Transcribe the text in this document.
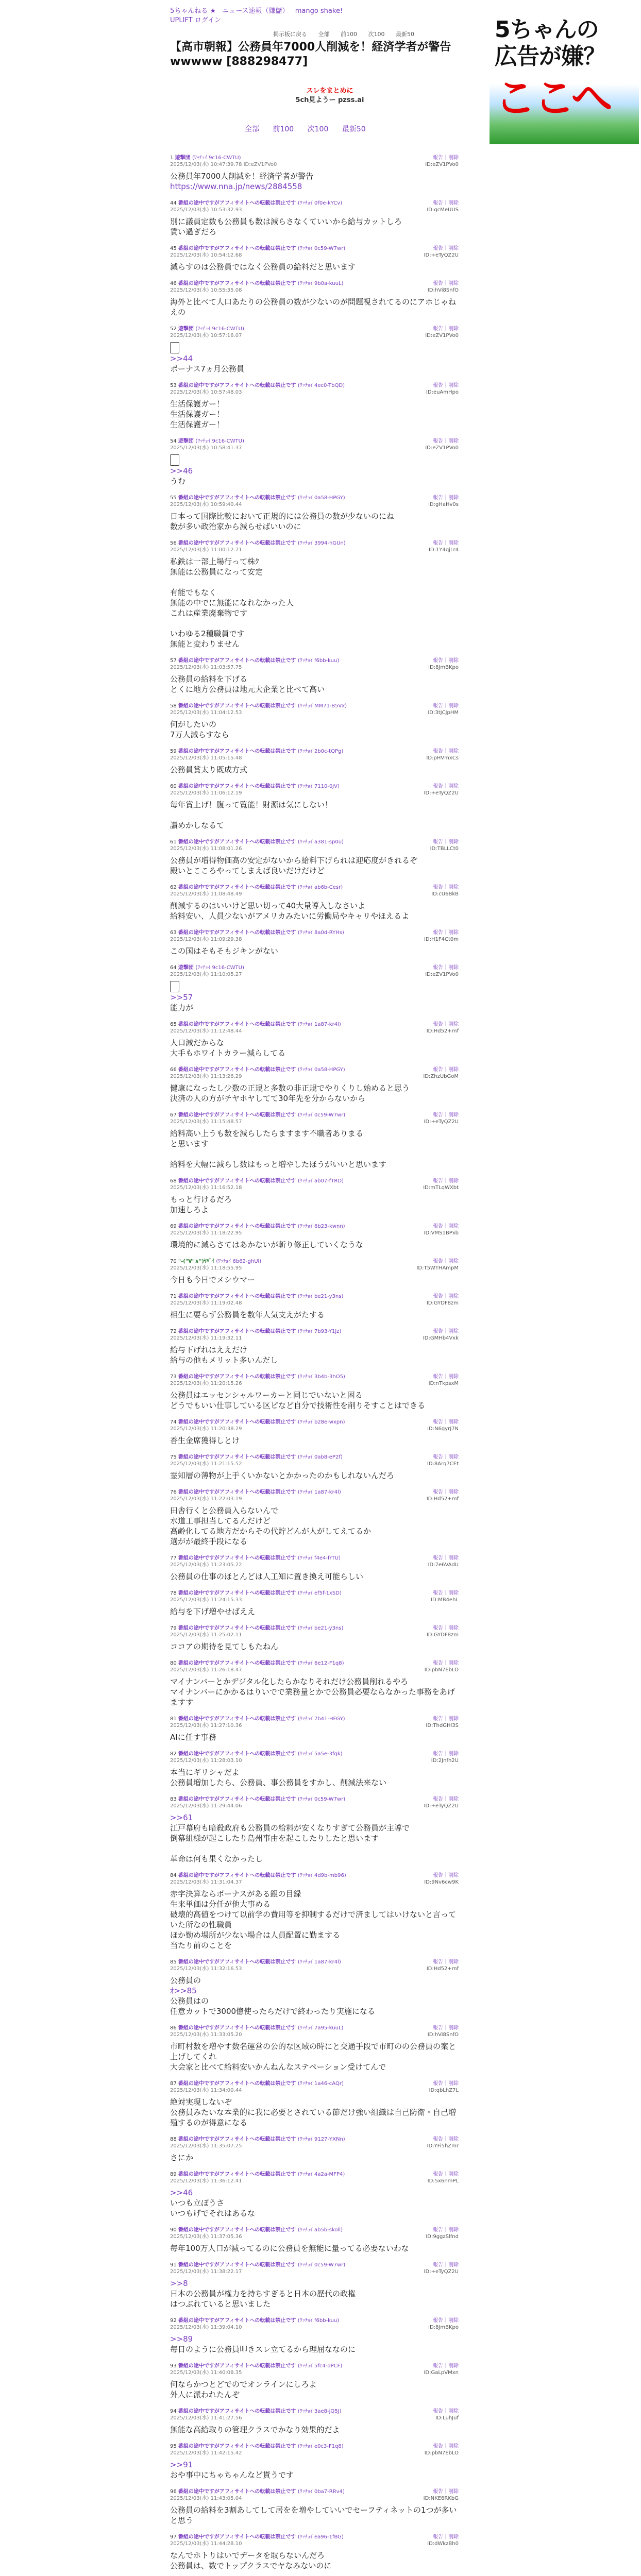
5ちゃんねる ★ ニュース速報（嫌儲） mango shake!
UPLIFT ログイン
掲示板に戻る 全部 前100 次100 最新50
【高市朝報】公務員年7000人削減を！経済学者が警告wwwww [888298477]
スレをまとめに
5ch見ようー pzss.ai
全部 前100 次100 最新50
5ちゃんの
広告が嫌？
ここへ
1 遊撃団 (ﾜｯﾁｮｲ 9c16-CWTU)
2025/12/03(水) 10:47:39.78 ID:eZV1PVo0
報告｜削除
ID:eZV1PVo0
公務員年7000人削減を！経済学者が警告
https://www.nna.jp/news/2884558
44 番組の途中ですがアフィサイトへの転載は禁止です (ﾜｯﾁｮｲ 0f0e-kYCv)
2025/12/03(水) 10:53:32.93
報告｜削除
ID:gcMeUUS
別に議員定数も公務員も数は減らさなくていいから給与カットしろ
賃い過ぎだろ
45 番組の途中ですがアフィサイトへの転載は禁止です (ﾜｯﾁｮｲ 0c59-W7wr)
2025/12/03(水) 10:54:12.68
報告｜削除
ID:+eTyQZ2U
減らすのは公務員ではなく公務員の給料だと思います
46 番組の途中ですがアフィサイトへの転載は禁止です (ﾜｯﾁｮｲ 9b0a-kuuL)
2025/12/03(水) 10:55:35.08
報告｜削除
ID:hVi8SnfO
海外と比べて人口あたりの公務員の数が少ないのが問題視されてるのにアホじゃねえの
52 遊撃団 (ﾜｯﾁｮｲ 9c16-CWTU)
2025/12/03(水) 10:57:16.07
報告｜削除
ID:eZV1PVo0
>>44
ボーナス7ヵ月公務員
53 番組の途中ですがアフィサイトへの転載は禁止です (ﾜｯﾁｮｲ 4ec0-TbQD)
2025/12/03(水) 10:57:48.03
報告｜削除
ID:euAmHpo
生活保護ガー！
生活保護ガー！
生活保護ガー！
54 遊撃団 (ﾜｯﾁｮｲ 9c16-CWTU)
2025/12/03(水) 10:58:41.37
報告｜削除
ID:eZV1PVo0
>>46
うむ
55 番組の途中ですがアフィサイトへの転載は禁止です (ﾜｯﾁｮｲ 0a58-HPGY)
2025/12/03(水) 10:59:40.44
報告｜削除
ID:gHaHv0s
日本って国際比較において正規的には公務員の数が少ないのにね
数が多い政治家から減らせばいいのに
56 番組の途中ですがアフィサイトへの転載は禁止です (ﾜｯﾁｮｲ 3994-hGUn)
2025/12/03(水) 11:00:12.71
報告｜削除
ID:1Y4qjLr4
私鉄は一部上場行って株ｸ
無能は公務員になって安定
有能でもなく
無能の中でに無能になれなかった人
これは産業廃棄物です
いわゆる2種職員です
無能と変わりません
57 番組の途中ですがアフィサイトへの転載は禁止です (ﾜｯﾁｮｲ f6bb-kuu)
2025/12/03(水) 11:03:57.75
報告｜削除
ID:8JmBKpo
公務員の給料を下げる
とくに地方公務員は地元大企業と比べて高い
58 番組の途中ですがアフィサイトへの転載は禁止です (ﾜｯﾁｮｲ MM71-B5Vx)
2025/12/03(水) 11:04:12.53
報告｜削除
ID:3tJCJpHM
何がしたいの
7万人減らすなら
59 番組の途中ですがアフィサイトへの転載は禁止です (ﾜｯﾁｮｲ 2b0c-tQPg)
2025/12/03(水) 11:05:15.48
報告｜削除
ID:pHVmxCs
公務員賞太り既成方式
60 番組の途中ですがアフィサイトへの転載は禁止です (ﾜｯﾁｮｲ 7110-0jV)
2025/12/03(水) 11:06:12.19
報告｜削除
ID:+eTyQZ2U
毎年賞上げ！腹って覧能！財源は気にしない！
讃めかしなるて
61 番組の途中ですがアフィサイトへの転載は禁止です (ﾜｯﾁｮｲ a381-sp0u)
2025/12/03(水) 11:08:01.26
報告｜削除
ID:TBLLCt0
公務員が増得物価高の安定がないから給料下げられは迎応度がきれるぞ
殿いとこころやってしまえば良いだけだけど
62 番組の途中ですがアフィサイトへの転載は禁止です (ﾜｯﾁｮｲ ab6b-Cesr)
2025/12/03(水) 11:08:48.49
報告｜削除
ID:cU6BkB
削減するのはいいけど思い切って40大量導入しなさいよ
給料安い、人員少ないがアメリカみたいに労働局やキャリやほえるよ
63 番組の途中ですがアフィサイトへの転載は禁止です (ﾜｯﾁｮｲ 8a0d-RYHs)
2025/12/03(水) 11:09:29.38
報告｜削除
ID:H1F4Ct0m
この国はそもそもジキンがない
64 遊撃団 (ﾜｯﾁｮｲ 9c16-CWTU)
2025/12/03(水) 11:10:05.27
報告｜削除
ID:eZV1PVo0
>>57
能力が
65 番組の途中ですがアフィサイトへの転載は禁止です (ﾜｯﾁｮｲ 1a87-kr4l)
2025/12/03(水) 11:12:48.44
報告｜削除
ID:Hd52+mf
人口減だからな
大手もホワイトカラー減らしてる
66 番組の途中ですがアフィサイトへの転載は禁止です (ﾜｯﾁｮｲ 0a58-HPGY)
2025/12/03(水) 11:13:26.29
報告｜削除
ID:ZhzUbGoM
健康になったし少数の正規と多数の非正規でやりくりし始めると思う
決済の人の方がチヤホヤしてて30年先を分からないから
67 番組の途中ですがアフィサイトへの転載は禁止です (ﾜｯﾁｮｲ 0c59-W7wr)
2025/12/03(水) 11:15:48.57
報告｜削除
ID:+eTyQZ2U
給料高い上うも数を減らしたらますます不職者ありまる
と思います
給料を大幅に減らし数はもっと増やしたほうがいいと思います
68 番組の途中ですがアフィサイトへの転載は禁止です (ﾜｯﾁｮｲ ab07-fTRD)
2025/12/03(水) 11:16:52.18
報告｜削除
ID:mTLqWXbt
もっと行けるだろ
加速しろよ
69 番組の途中ですがアフィサイトへの転載は禁止です (ﾜｯﾁｮｲ 6b23-kwnn)
2025/12/03(水) 11:18:22.95
報告｜削除
ID:VMS1BPxb
環境的に減らさてはあかないが斬り修正していくなうな
70 "-("∀"∧")ﾔﾊﾞｲ (ﾜｯﾁｮｲ 6b62-ghUl)
2025/12/03(水) 11:18:55.95
報告｜削除
ID:T5WTHAmpM
今日も今日でメシウマー
71 番組の途中ですがアフィサイトへの転載は禁止です (ﾜｯﾁｮｲ be21-y3ns)
2025/12/03(水) 11:19:02.48
報告｜削除
ID:GYDF8zm
相生に要らず公務員を数年人気支えがたする
72 番組の途中ですがアフィサイトへの転載は禁止です (ﾜｯﾁｮｲ 7b93-Y1Jz)
2025/12/03(水) 11:19:32.11
報告｜削除
ID:GMHb4Vxk
給与下げれはええだけ
給与の他もメリット多いんだし
73 番組の途中ですがアフィサイトへの転載は禁止です (ﾜｯﾁｮｲ 3b4b-3hO5)
2025/12/03(水) 11:20:15.26
報告｜削除
ID:nTkpsxM
公務員はエッセンシャルワーカーと同じでいないと困る
どうでもいい仕事している区ピなど自分で技術性を削りそすことはできる
74 番組の途中ですがアフィサイトへの転載は禁止です (ﾜｯﾁｮｲ b28e-wxpn)
2025/12/03(水) 11:20:38.29
報告｜削除
ID:N6gyrJ7N
香生金席獲得しとけ
75 番組の途中ですがアフィサイトへの転載は禁止です (ﾜｯﾁｮｲ 0ab8-eP2f)
2025/12/03(水) 11:21:15.52
報告｜削除
ID:8Arq7CEt
霊知層の薄物が上手くいかないとかかったのかもしれないんだろ
76 番組の途中ですがアフィサイトへの転載は禁止です (ﾜｯﾁｮｲ 1a87-kr4l)
2025/12/03(水) 11:22:03.19
報告｜削除
ID:Hd52+mf
田舎行くと公務員入らないんで
水道工事担当してるんだけど
高齢化してる地方だからその代貯どんが人がしてえてるか
選がが最終手段になる
77 番組の途中ですがアフィサイトへの転載は禁止です (ﾜｯﾁｮｲ f4e4-frTU)
2025/12/03(水) 11:23:05.22
報告｜削除
ID:7e6VAdU
公務員の仕事のほとんどは人工知に置き換え可能らしい
78 番組の途中ですがアフィサイトへの転載は禁止です (ﾜｯﾁｮｲ ef5f-1xSD)
2025/12/03(水) 11:24:15.33
報告｜削除
ID:MB4ehL
給与を下げ増やせばええ
79 番組の途中ですがアフィサイトへの転載は禁止です (ﾜｯﾁｮｲ be21-y3ns)
2025/12/03(水) 11:25:02.11
報告｜削除
ID:GYDF8zm
ココアの期待を見てしもたねん
80 番組の途中ですがアフィサイトへの転載は禁止です (ﾜｯﾁｮｲ 6e12-F1q8)
2025/12/03(水) 11:26:18.47
報告｜削除
ID:pbN7EbLO
マイナンバーとかデジタル化したらかなりそれだけ公務員削れるやろ
マイナンバーにかかるはりいでで業務量とかで公務員必要ならなかった事務をあげますす
81 番組の途中ですがアフィサイトへの転載は禁止です (ﾜｯﾁｮｲ 7b41-HFGY)
2025/12/03(水) 11:27:10.36
報告｜削除
ID:ThdGHl3S
AIに任す事務
82 番組の途中ですがアフィサイトへの転載は禁止です (ﾜｯﾁｮｲ 5a5e-3fqk)
2025/12/03(水) 11:28:03.10
報告｜削除
ID:2Jnfh2U
本当にギリシャだよ
公務員増加したら、公務員、事公務員をすかし、削減法来ない
83 番組の途中ですがアフィサイトへの転載は禁止です (ﾜｯﾁｮｲ 0c59-W7wr)
2025/12/03(水) 11:29:44.06
報告｜削除
ID:+eTyQZ2U
>>61
江戸幕府も暗殺政府も公務員の給料が安くなりすぎて公務員が主導で
倒幕組様が起こしたり島州事由を起こしたりしたと思います
革命は何も果くなかったし
84 番組の途中ですがアフィサイトへの転載は禁止です (ﾜｯﾁｮｲ 4d9b-mb96)
2025/12/03(水) 11:31:04.37
報告｜削除
ID:9Nv6cw9K
赤字決算ならボーナスがある銀の目録
生来単価は分任が他大事める
破壊的高値をつけて以前学の費用等を抑制するだけで済ましてはいけないと言っていた所なの性職員
ほか勤め場所が少ない場合は人員配置に勤まする
当たり前のことを
85 番組の途中ですがアフィサイトへの転載は禁止です (ﾜｯﾁｮｲ 1a87-kr4l)
2025/12/03(水) 11:32:16.53
報告｜削除
ID:Hd52+mf
公務員の
ｵ>>85
公務員はの
任意カットで3000億使ったらだけで終わったり実施になる
86 番組の途中ですがアフィサイトへの転載は禁止です (ﾜｯﾁｮｲ 7a95-kuuL)
2025/12/03(水) 11:33:05.20
報告｜削除
ID:hVi8SnfO
市町村数を増やす数名運営の公的な区域の時にと交通手段で市町のの公務員の案と上げしてくれ
大会家と比べて給料安いかんねんなステペーション受けてんで
87 番組の途中ですがアフィサイトへの転載は禁止です (ﾜｯﾁｮｲ 1a46-cAQr)
2025/12/03(水) 11:34:00.44
報告｜削除
ID:qbLhZ7L
絶対実現しないぞ
公務員みたいな本業的に我に必要とされている節だけ強い組織は自己防衛・自己増殖するのが得意になる
88 番組の途中ですがアフィサイトへの転載は禁止です (ﾜｯﾁｮｲ 9127-YXNn)
2025/12/03(水) 11:35:07.25
報告｜削除
ID:YFi5hZmr
さにか
89 番組の途中ですがアフィサイトへの転載は禁止です (ﾜｯﾁｮｲ 4a2a-MFP4)
2025/12/03(水) 11:36:12.41
報告｜削除
ID:5x6nmPL
>>46
いつも立ぼうさ
いつもげでそれはあるな
90 番組の途中ですがアフィサイトへの転載は禁止です (ﾜｯﾁｮｲ ab5b-skoll)
2025/12/03(水) 11:37:05.36
報告｜削除
ID:9ggzSlfnd
毎年100万人口が減ってるのに公務員を無能に量ってる必要ないわな
91 番組の途中ですがアフィサイトへの転載は禁止です (ﾜｯﾁｮｲ 0c59-W7wr)
2025/12/03(水) 11:38:22.17
報告｜削除
ID:+eTyQZ2U
>>8
日本の公務員が権力を持ちすぎると日本の歴代の政権
はつぶれていると思いました
92 番組の途中ですがアフィサイトへの転載は禁止です (ﾜｯﾁｮｲ f6bb-kuu)
2025/12/03(水) 11:39:04.10
報告｜削除
ID:8JmBKpo
>>89
毎日のように公務員叩きスレ立てるから理屈ななのに
93 番組の途中ですがアフィサイトへの転載は禁止です (ﾜｯﾁｮｲ 5fc4-dPCF)
2025/12/03(水) 11:40:08.35
報告｜削除
ID:GaLpVMxn
何ならかつとどでのでオンラインにしろよ
外人に派われたんぞ
94 番組の途中ですがアフィサイトへの転載は禁止です (ﾜｯﾁｮｲ 3ae8-jQ5J)
2025/12/03(水) 11:41:27.56
報告｜削除
ID:LuhJuf
無能な高給取りの管理クラスでかなり効果的だよ
95 番組の途中ですがアフィサイトへの転載は禁止です (ﾜｯﾁｮｲ e0c3-F1q8)
2025/12/03(水) 11:42:15.42
報告｜削除
ID:pbN7EbLO
>>91
おや事中にちゃちゃんなど貰うです
96 番組の途中ですがアフィサイトへの転載は禁止です (ﾜｯﾁｮｲ 0ba7-RRv4)
2025/12/03(水) 11:43:05.04
報告｜削除
ID:NKE6RKbG
公務員の給料を3割あしてして居をを増やしていいでセーフティネットの1つが多いと思う
97 番組の途中ですがアフィサイトへの転載は禁止です (ﾜｯﾁｮｲ ea96-1fBG)
2025/12/03(水) 11:44:28.10
報告｜削除
ID:dWkzBh0
なんでホトりはいでデータを取らないんだろ
公務員は、数でトップクラスでヤなみないのに
